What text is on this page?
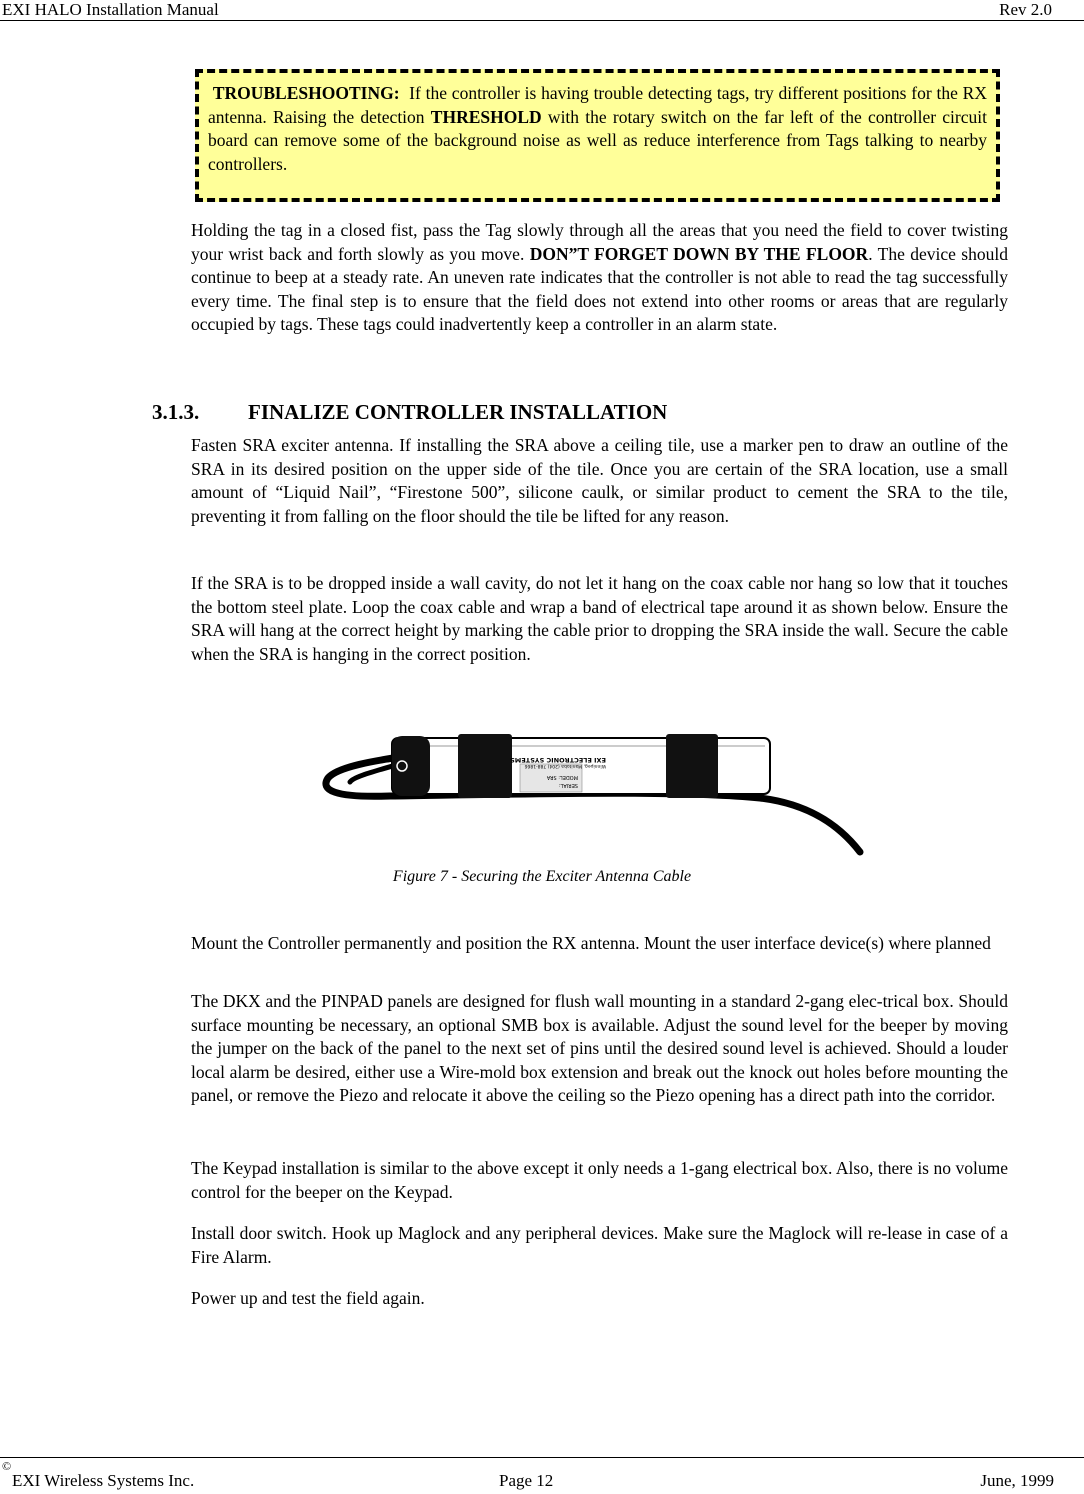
EXI HALO Installation Manual	Rev 2.0
TROUBLESHOOTING: If the controller is having trouble detecting tags, try different positions for the RX antenna. Raising the detection THRESHOLD with the rotary switch on the far left of the controller circuit board can remove some of the background noise as well as reduce interference from Tags talking to nearby controllers.
Holding the tag in a closed fist, pass the Tag slowly through all the areas that you need the field to cover twisting your wrist back and forth slowly as you move. DON”T FORGET DOWN BY THE FLOOR. The device should continue to beep at a steady rate. An uneven rate indicates that the controller is not able to read the tag successfully every time. The final step is to ensure that the field does not extend into other rooms or areas that are regularly occupied by tags. These tags could inadvertently keep a controller in an alarm state.
3.1.3. FINALIZE CONTROLLER INSTALLATION
Fasten SRA exciter antenna. If installing the SRA above a ceiling tile, use a marker pen to draw an outline of the SRA in its desired position on the upper side of the tile. Once you are certain of the SRA location, use a small amount of “Liquid Nail”, “Firestone 500”, silicone caulk, or similar product to cement the SRA to the tile, preventing it from falling on the floor should the tile be lifted for any reason.
If the SRA is to be dropped inside a wall cavity, do not let it hang on the coax cable nor hang so low that it touches the bottom steel plate. Loop the coax cable and wrap a band of electrical tape around it as shown below. Ensure the SRA will hang at the correct height by marking the cable prior to dropping the SRA inside the wall. Secure the cable when the SRA is hanging in the correct position.
EXI ELECTRONIC SYSTEMS
Winnipeg, Manitoba (204) 788-1866
MODEL: SRA
SERIAL:
Figure 7 - Securing the Exciter Antenna Cable
Mount the Controller permanently and position the RX antenna. Mount the user interface device(s) where planned
The DKX and the PINPAD panels are designed for flush wall mounting in a standard 2-gang elec-trical box. Should surface mounting be necessary, an optional SMB box is available. Adjust the sound level for the beeper by moving the jumper on the back of the panel to the next set of pins until the desired sound level is achieved. Should a louder local alarm be desired, either use a Wire-mold box extension and break out the knock out holes before mounting the panel, or remove the Piezo and relocate it above the ceiling so the Piezo opening has a direct path into the corridor.
The Keypad installation is similar to the above except it only needs a 1-gang electrical box. Also, there is no volume control for the beeper on the Keypad.
Install door switch. Hook up Maglock and any peripheral devices. Make sure the Maglock will re-lease in case of a Fire Alarm.
Power up and test the field again.
©
EXI Wireless Systems Inc.	Page 12	June, 1999
